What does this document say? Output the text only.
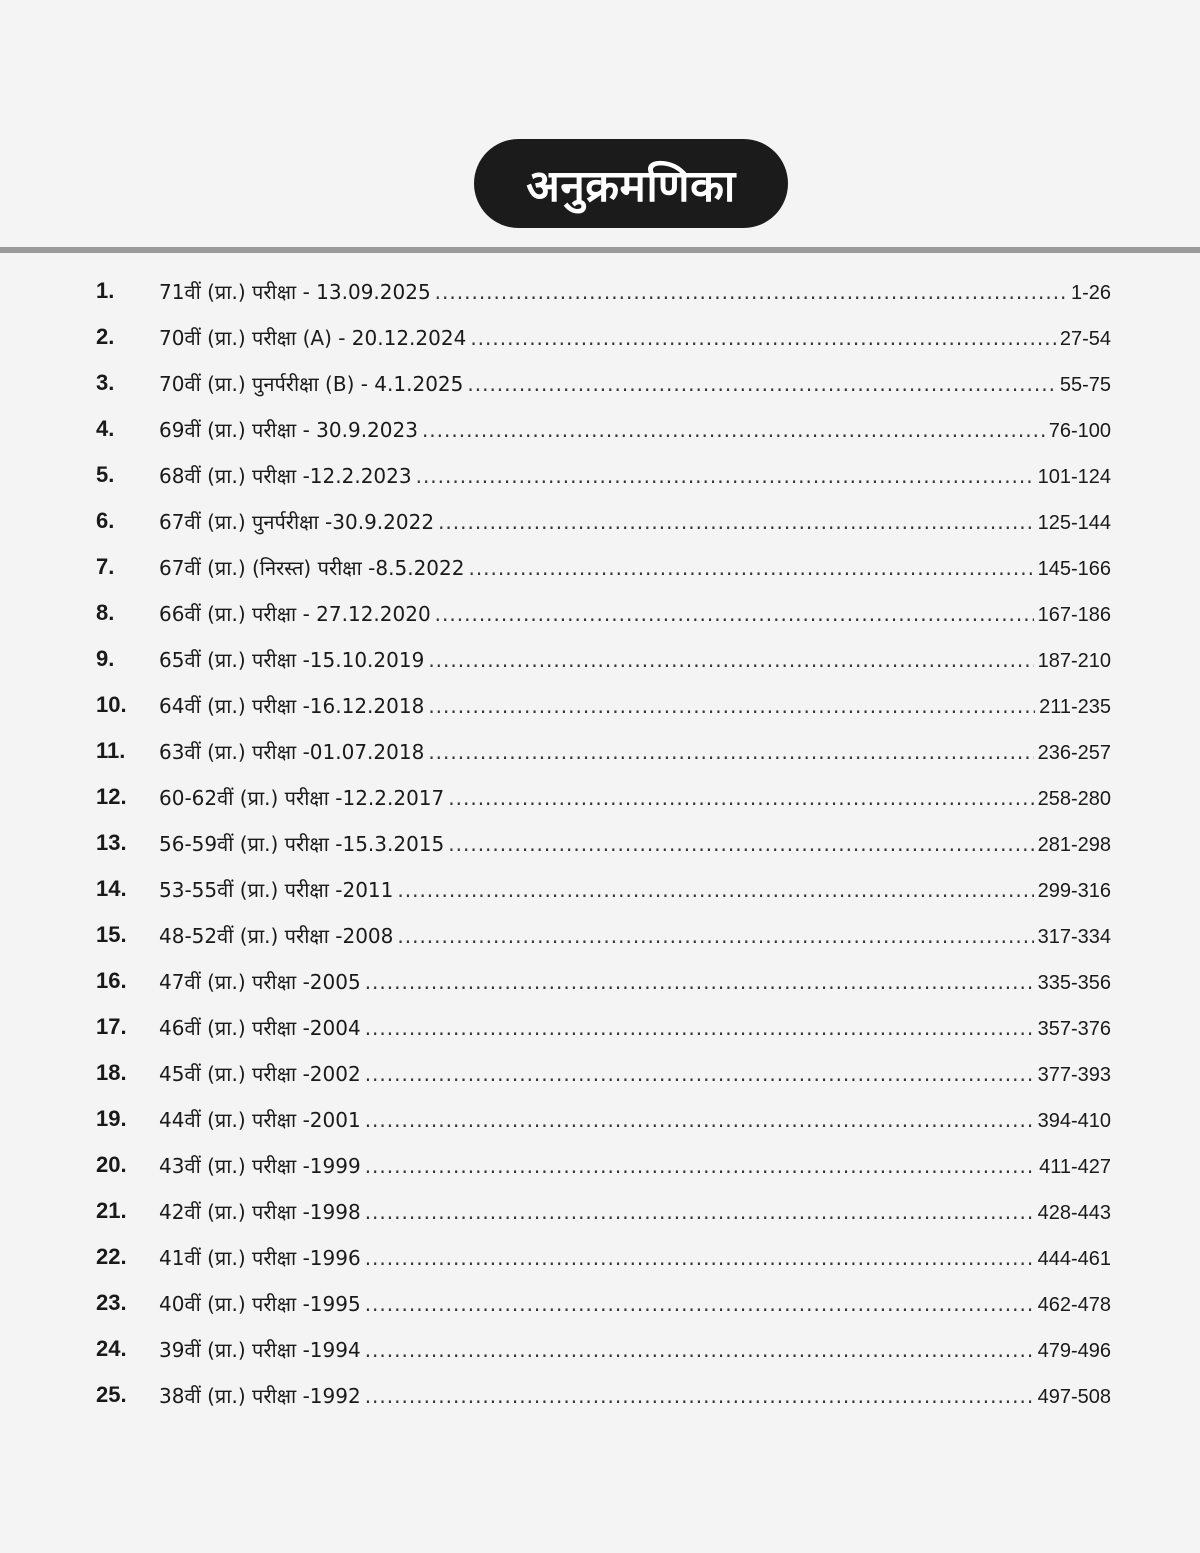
अनुक्रमणिका
1. 71वीं (प्रा.) परीक्षा - 13.09.2025 .....	1-26
2. 70वीं (प्रा.) परीक्षा (A) - 20.12.2024 .....	27-54
3. 70वीं (प्रा.) पुनर्परीक्षा (B) - 4.1.2025 .....	55-75
4. 69वीं (प्रा.) परीक्षा - 30.9.2023 .....	76-100
5. 68वीं (प्रा.) परीक्षा -12.2.2023 .....	101-124
6. 67वीं (प्रा.) पुनर्परीक्षा -30.9.2022 .....	125-144
7. 67वीं (प्रा.) (निरस्त) परीक्षा -8.5.2022 .....	145-166
8. 66वीं (प्रा.) परीक्षा - 27.12.2020 .....	167-186
9. 65वीं (प्रा.) परीक्षा -15.10.2019 .....	187-210
10. 64वीं (प्रा.) परीक्षा -16.12.2018 .....	211-235
11. 63वीं (प्रा.) परीक्षा -01.07.2018 .....	236-257
12. 60-62वीं (प्रा.) परीक्षा -12.2.2017 .....	258-280
13. 56-59वीं (प्रा.) परीक्षा -15.3.2015 .....	281-298
14. 53-55वीं (प्रा.) परीक्षा -2011 .....	299-316
15. 48-52वीं (प्रा.) परीक्षा -2008 .....	317-334
16. 47वीं (प्रा.) परीक्षा -2005 .....	335-356
17. 46वीं (प्रा.) परीक्षा -2004 .....	357-376
18. 45वीं (प्रा.) परीक्षा -2002 .....	377-393
19. 44वीं (प्रा.) परीक्षा -2001 .....	394-410
20. 43वीं (प्रा.) परीक्षा -1999 .....	411-427
21. 42वीं (प्रा.) परीक्षा -1998 .....	428-443
22. 41वीं (प्रा.) परीक्षा -1996 .....	444-461
23. 40वीं (प्रा.) परीक्षा -1995 .....	462-478
24. 39वीं (प्रा.) परीक्षा -1994 .....	479-496
25. 38वीं (प्रा.) परीक्षा -1992 .....	497-508
